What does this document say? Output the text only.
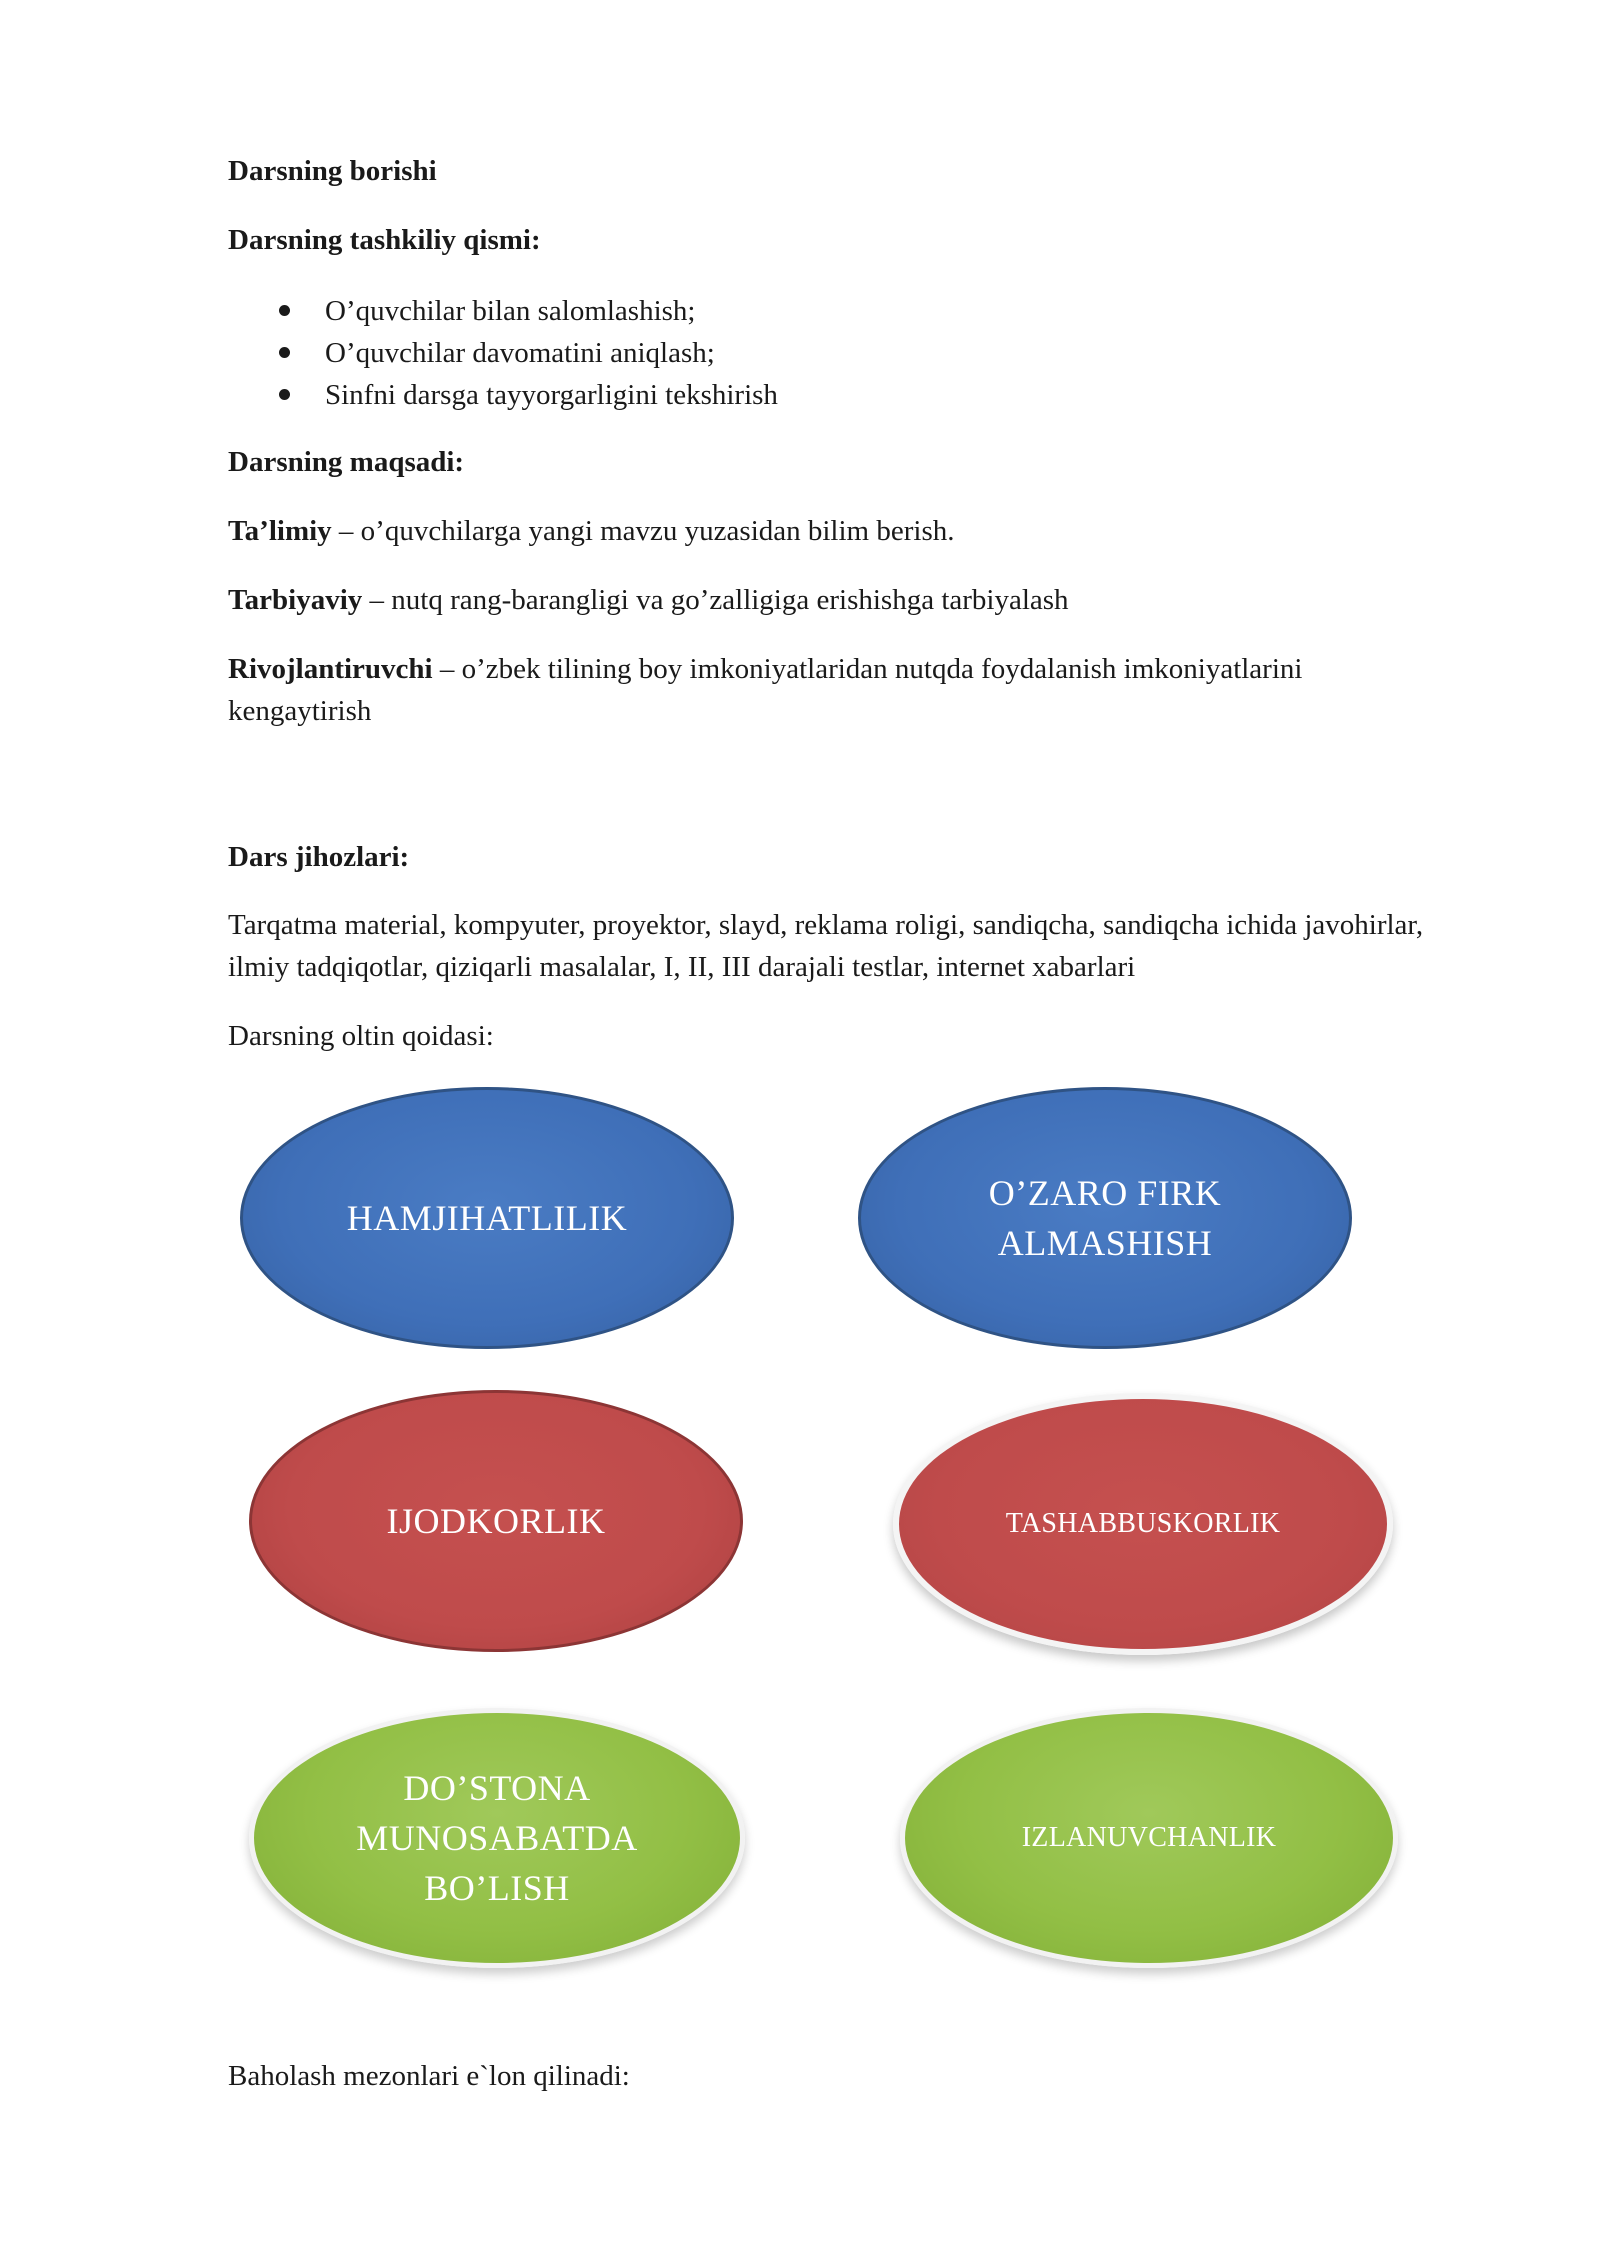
Darsning borishi

Darsning tashkiliy qismi:

O’quvchilar bilan salomlashish;
O’quvchilar davomatini aniqlash;
Sinfni darsga tayyorgarligini tekshirish

Darsning maqsadi:

Ta’limiy – o’quvchilarga yangi mavzu yuzasidan bilim berish.

Tarbiyaviy – nutq rang-barangligi va go’zalligiga erishishga tarbiyalash

Rivojlantiruvchi – o’zbek tilining boy imkoniyatlaridan nutqda foydalanish imkoniyatlarini kengaytirish

Dars jihozlari:

Tarqatma material, kompyuter, proyektor, slayd, reklama roligi, sandiqcha, sandiqcha ichida javohirlar, ilmiy tadqiqotlar, qiziqarli masalalar, I, II, III darajali testlar, internet xabarlari

Darsning oltin qoidasi:

HAMJIHATLILIK
O’ZARO FIRK
ALMASHISH
IJODKORLIK	TASHABBUSKORLIK
DO’STONA
MUNOSABATDA
BO’LISH
IZLANUVCHANLIK

Baholash mezonlari e`lon qilinadi:
